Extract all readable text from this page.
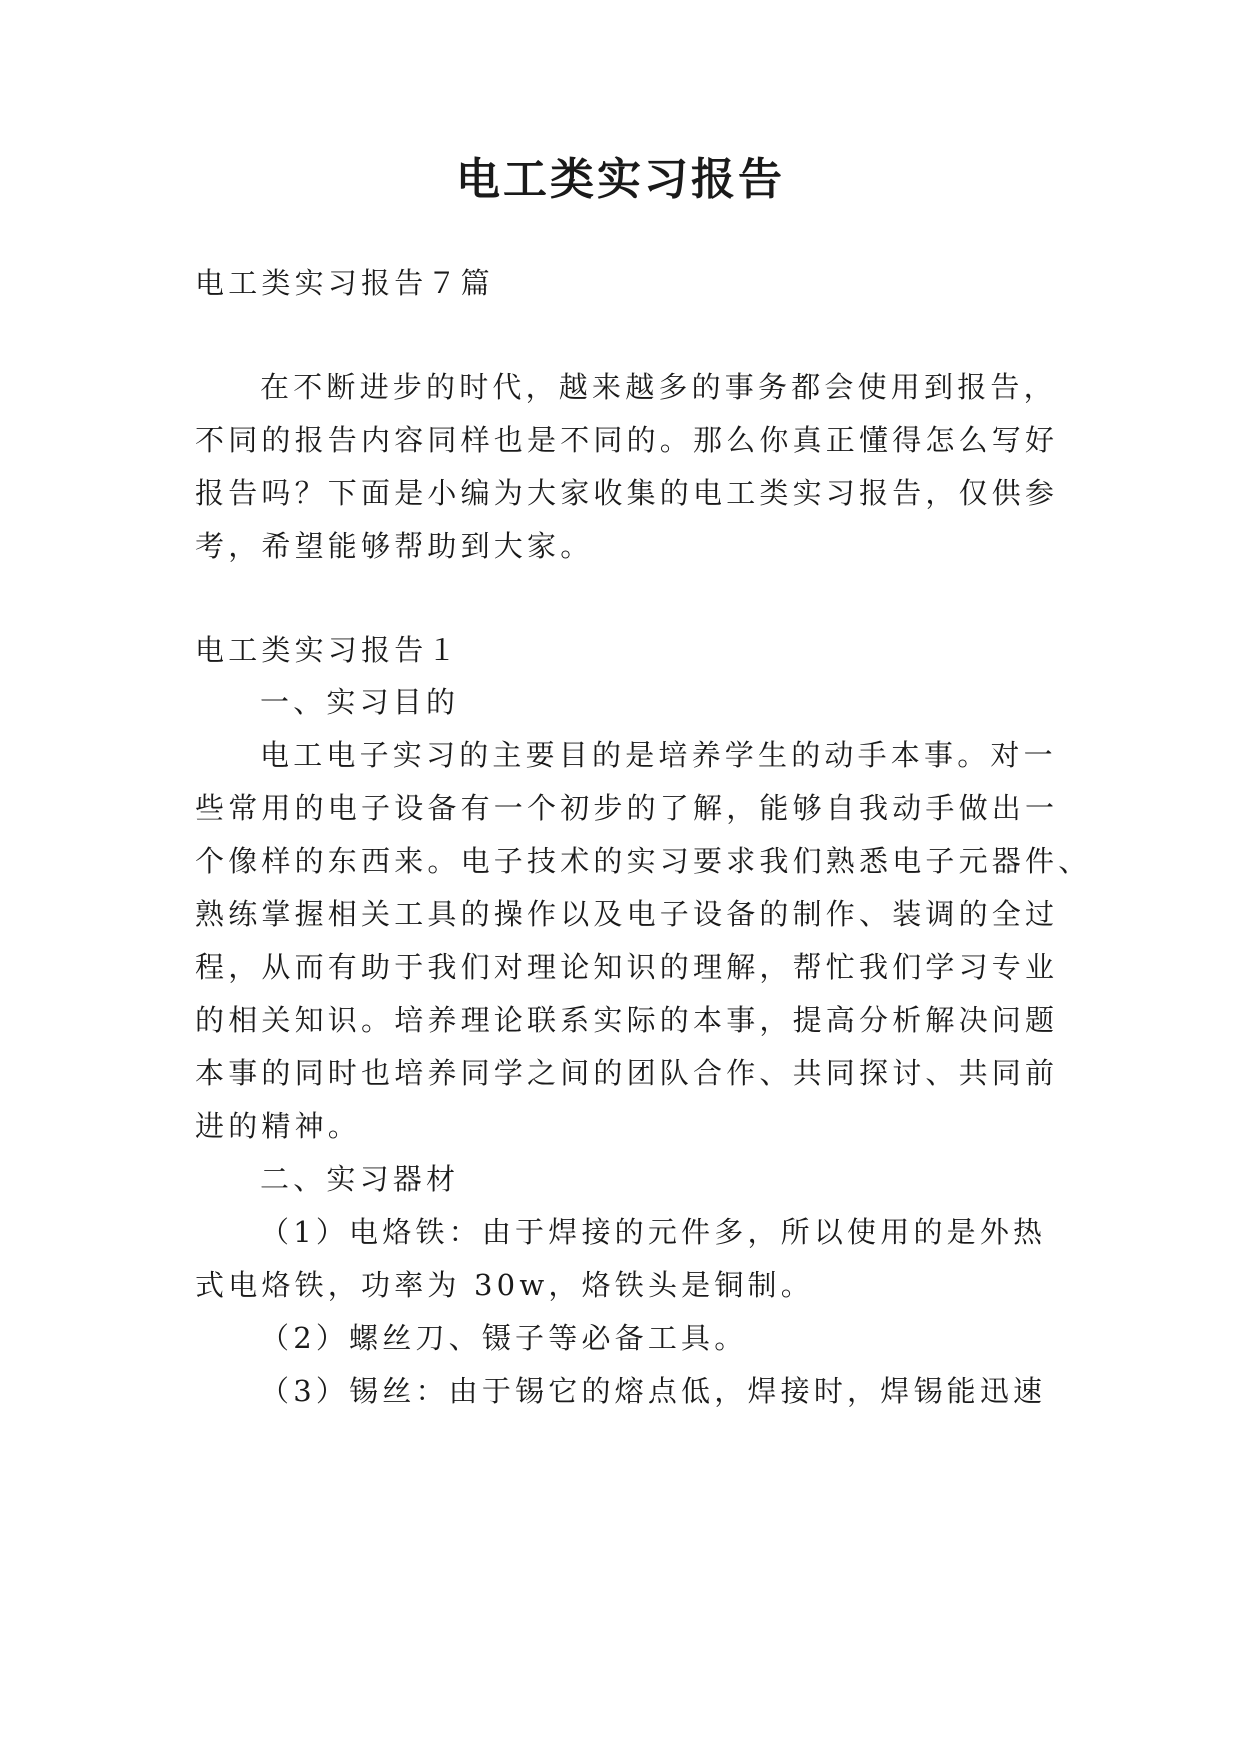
电工类实习报告
电工类实习报告７篇
在不断进步的时代，越来越多的事务都会使用到报告，
不同的报告内容同样也是不同的。那么你真正懂得怎么写好
报告吗？下面是小编为大家收集的电工类实习报告，仅供参
考，希望能够帮助到大家。
电工类实习报告１
一、实习目的
电工电子实习的主要目的是培养学生的动手本事。对一
些常用的电子设备有一个初步的了解，能够自我动手做出一
个像样的东西来。电子技术的实习要求我们熟悉电子元器件、
熟练掌握相关工具的操作以及电子设备的制作、装调的全过
程，从而有助于我们对理论知识的理解，帮忙我们学习专业
的相关知识。培养理论联系实际的本事，提高分析解决问题
本事的同时也培养同学之间的团队合作、共同探讨、共同前
进的精神。
二、实习器材
（1）电烙铁：由于焊接的元件多，所以使用的是外热
式电烙铁，功率为 30w，烙铁头是铜制。
（2）螺丝刀、镊子等必备工具。
（3）锡丝：由于锡它的熔点低，焊接时，焊锡能迅速
